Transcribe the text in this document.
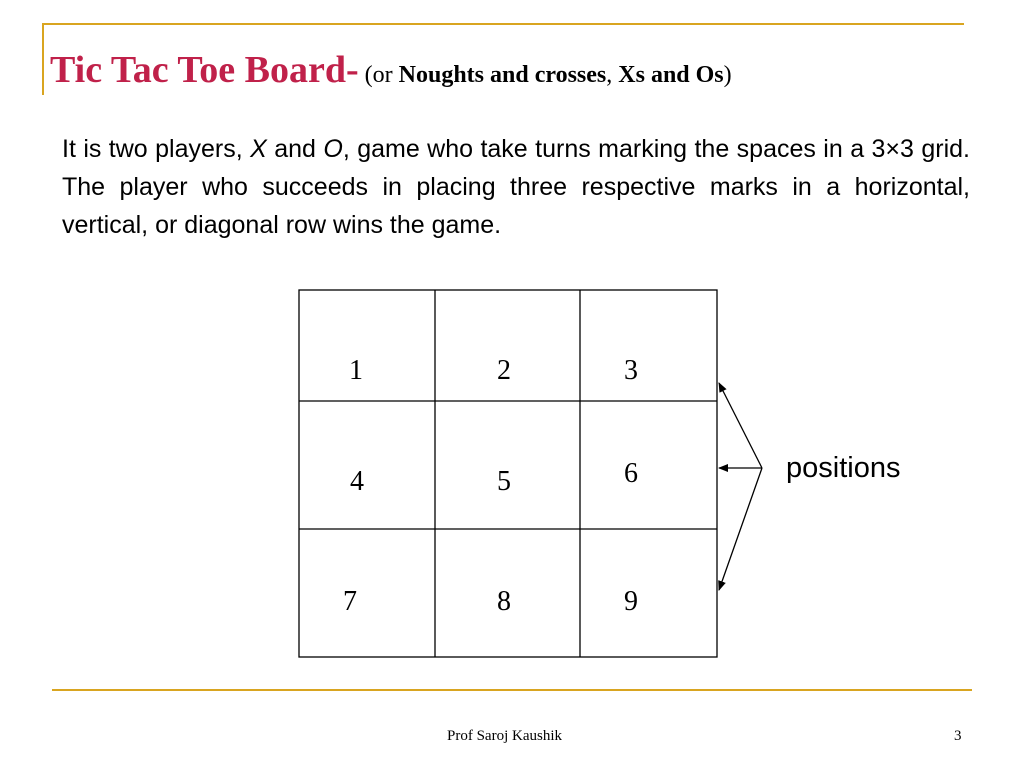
Tic Tac Toe Board- (or Noughts and crosses, Xs and Os)
It is two players, X and O, game who take turns marking the spaces in a 3×3 grid. The player who succeeds in placing three respective marks in a horizontal, vertical, or diagonal row wins the game.
1	2	3
4	5	6
7	8	9
positions
Prof Saroj Kaushik	3
